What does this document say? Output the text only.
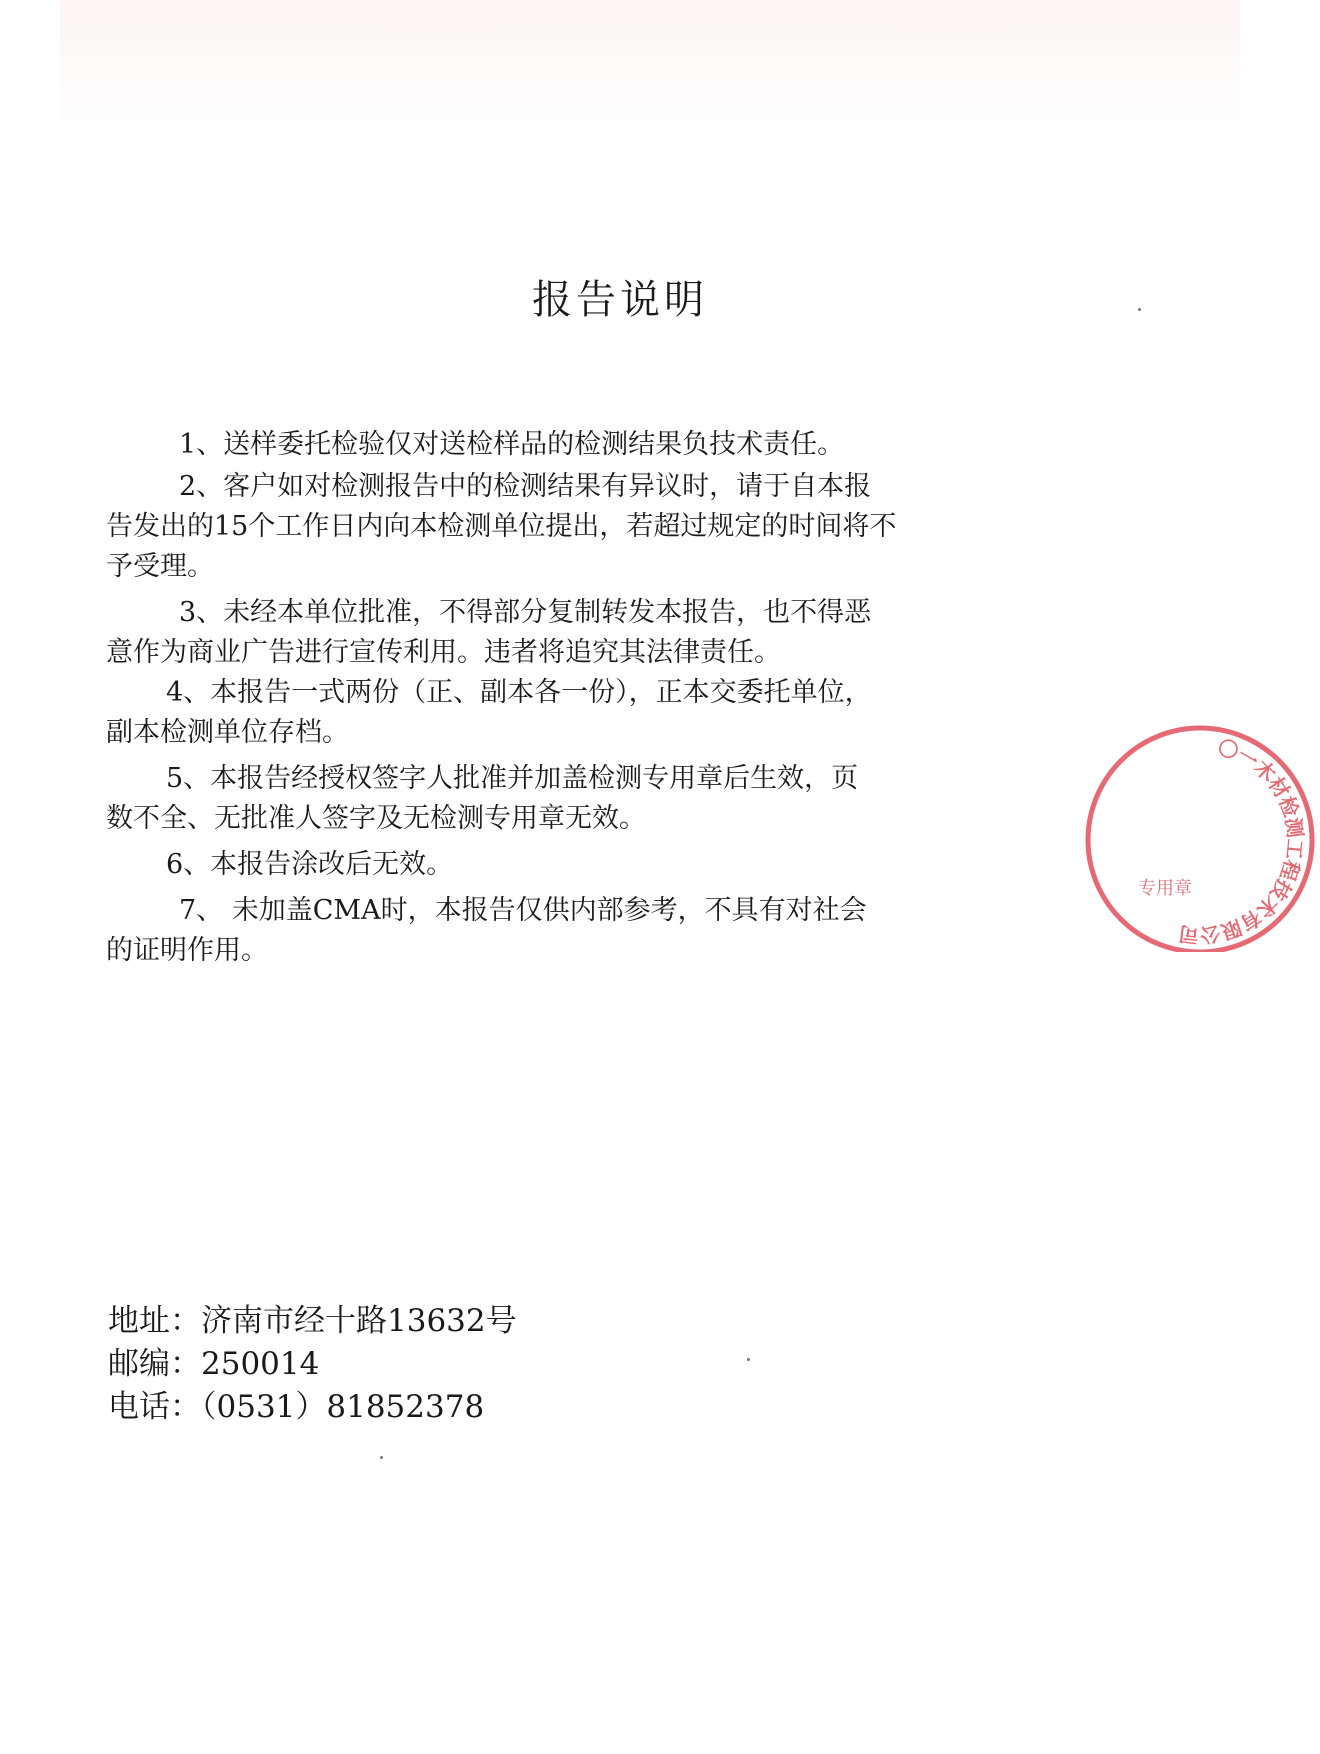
报告说明

　1、送样委托检验仅对送检样品的检测结果负技术责任。

　2、客户如对检测报告中的检测结果有异议时，请于自本报

告发出的15个工作日内向本检测单位提出，若超过规定的时间将不

予受理。

　3、未经本单位批准，不得部分复制转发本报告，也不得恶

意作为商业广告进行宣传利用。违者将追究其法律责任。

　4、本报告一式两份（正、副本各一份），正本交委托单位，

副本检测单位存档。

　5、本报告经授权签字人批准并加盖检测专用章后生效，页

数不全、无批准人签字及无检测专用章无效。

　6、本报告涂改后无效。

　7、 未加盖CMA时，本报告仅供内部参考，不具有对社会

的证明作用。

地址：济南市经十路13632号
邮编：250014
电话：（0531）81852378
〇一木材检测工程技术有限公司
专用章
